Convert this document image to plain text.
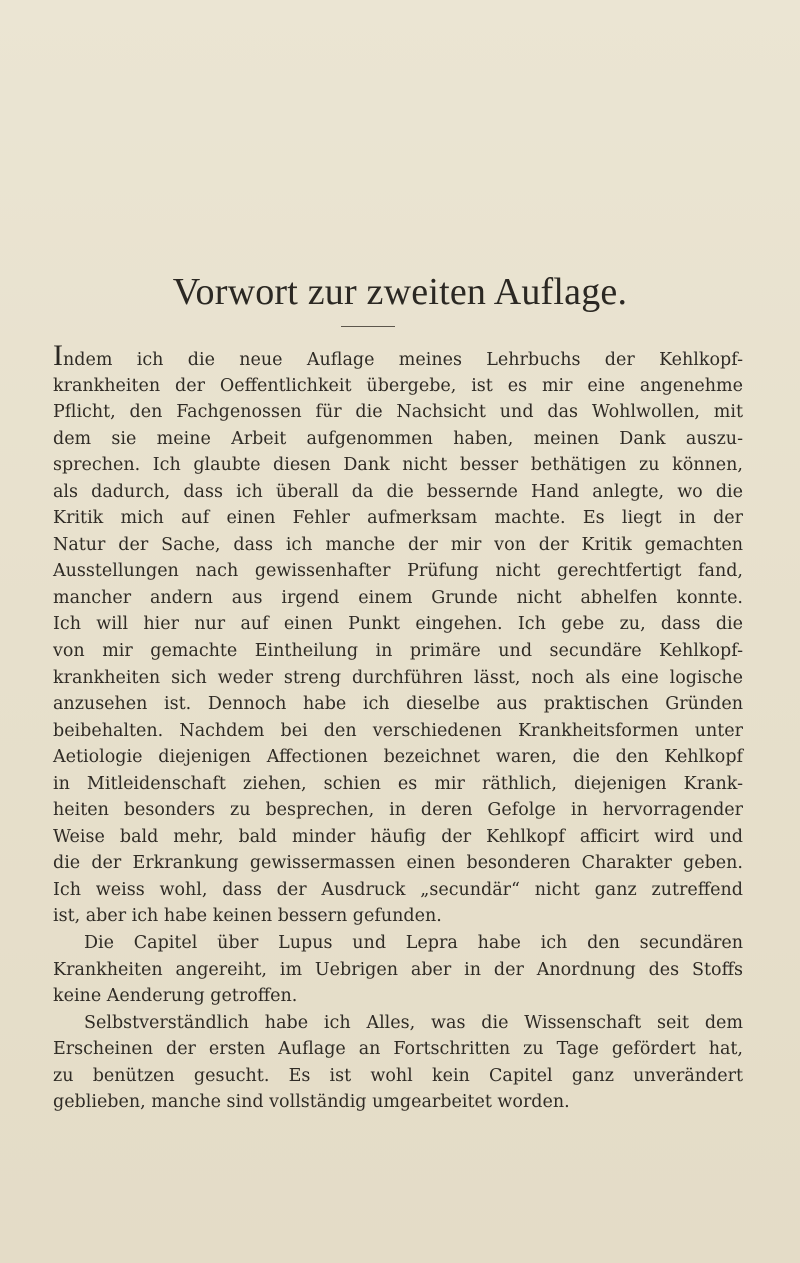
Vorwort zur zweiten Auflage.
Indem ich die neue Auflage meines Lehrbuchs der Kehlkopf-
krankheiten der Oeffentlichkeit übergebe, ist es mir eine angenehme
Pflicht, den Fachgenossen für die Nachsicht und das Wohlwollen, mit
dem sie meine Arbeit aufgenommen haben, meinen Dank auszu-
sprechen. Ich glaubte diesen Dank nicht besser bethätigen zu können,
als dadurch, dass ich überall da die bessernde Hand anlegte, wo die
Kritik mich auf einen Fehler aufmerksam machte. Es liegt in der
Natur der Sache, dass ich manche der mir von der Kritik gemachten
Ausstellungen nach gewissenhafter Prüfung nicht gerechtfertigt fand,
mancher andern aus irgend einem Grunde nicht abhelfen konnte.
Ich will hier nur auf einen Punkt eingehen. Ich gebe zu, dass die
von mir gemachte Eintheilung in primäre und secundäre Kehlkopf-
krankheiten sich weder streng durchführen lässt, noch als eine logische
anzusehen ist. Dennoch habe ich dieselbe aus praktischen Gründen
beibehalten. Nachdem bei den verschiedenen Krankheitsformen unter
Aetiologie diejenigen Affectionen bezeichnet waren, die den Kehlkopf
in Mitleidenschaft ziehen, schien es mir räthlich, diejenigen Krank-
heiten besonders zu besprechen, in deren Gefolge in hervorragender
Weise bald mehr, bald minder häufig der Kehlkopf afficirt wird und
die der Erkrankung gewissermassen einen besonderen Charakter geben.
Ich weiss wohl, dass der Ausdruck „secundär“ nicht ganz zutreffend
ist, aber ich habe keinen bessern gefunden.
Die Capitel über Lupus und Lepra habe ich den secundären
Krankheiten angereiht, im Uebrigen aber in der Anordnung des Stoffs
keine Aenderung getroffen.
Selbstverständlich habe ich Alles, was die Wissenschaft seit dem
Erscheinen der ersten Auflage an Fortschritten zu Tage gefördert hat,
zu benützen gesucht. Es ist wohl kein Capitel ganz unverändert
geblieben, manche sind vollständig umgearbeitet worden.
